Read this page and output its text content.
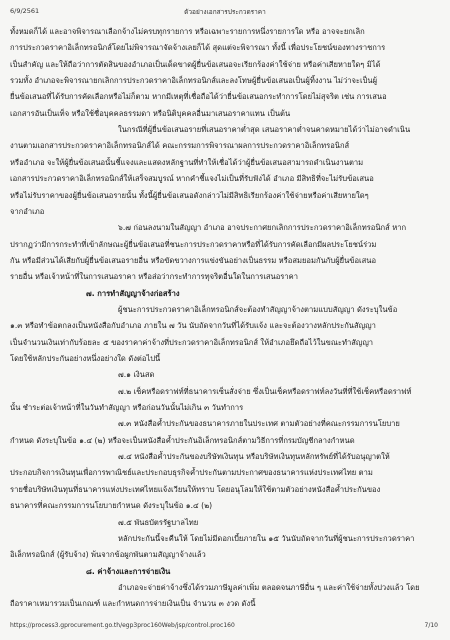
6/9/2561	ตัวอย่างเอกสารประกวดราคา
ทั้งหมดก็ได้ และอาจพิจารณาเลือกจ้างไม่ครบทุกรายการ หรือเฉพาะรายการหนึ่งรายการใด หรือ อาจจะยกเลิก
การประกวดราคาอิเล็กทรอนิกส์โดยไม่พิจารณาจัดจ้างเลยก็ได้ สุดแต่จะพิจารณา ทั้งนี้ เพื่อประโยชน์ของทางราชการ
เป็นสำคัญ และให้ถือว่าการตัดสินของอำเภอเป็นเด็ดขาดผู้ยื่นข้อเสนอจะเรียกร้องค่าใช้จ่าย หรือค่าเสียหายใดๆ มิได้
รวมทั้ง อำเภอจะพิจารณายกเลิกการประกวดราคาอิเล็กทรอนิกส์และลงโทษผู้ยื่นข้อเสนอเป็นผู้ทิ้งงาน ไม่ว่าจะเป็นผู้
ยื่นข้อเสนอที่ได้รับการคัดเลือกหรือไม่ก็ตาม หากมีเหตุที่เชื่อถือได้ว่ายื่นข้อเสนอกระทำการโดยไม่สุจริต เช่น การเสนอ
เอกสารอันเป็นเท็จ หรือใช้ชื่อบุคคลธรรมดา หรือนิติบุคคลอื่นมาเสนอราคาแทน เป็นต้น
ในกรณีที่ผู้ยื่นข้อเสนอรายที่เสนอราคาต่ำสุด เสนอราคาต่ำจนคาดหมายได้ว่าไม่อาจดำเนิน
งานตามเอกสารประกวดราคาอิเล็กทรอนิกส์ได้ คณะกรรมการพิจารณาผลการประกวดราคาอิเล็กทรอนิกส์
หรืออำเภอ จะให้ผู้ยื่นข้อเสนอนั้นชี้แจงและแสดงหลักฐานที่ทำให้เชื่อได้ว่าผู้ยื่นข้อเสนอสามารถดำเนินงานตาม
เอกสารประกวดราคาอิเล็กทรอนิกส์ให้เสร็จสมบูรณ์ หากคำชี้แจงไม่เป็นที่รับฟังได้ อำเภอ มีสิทธิที่จะไม่รับข้อเสนอ
หรือไม่รับราคาของผู้ยื่นข้อเสนอรายนั้น ทั้งนี้ผู้ยื่นข้อเสนอดังกล่าวไม่มีสิทธิเรียกร้องค่าใช้จ่ายหรือค่าเสียหายใดๆ
จากอำเภอ
๖.๗ ก่อนลงนามในสัญญา อำเภอ อาจประกาศยกเลิกการประกวดราคาอิเล็กทรอนิกส์ หาก
ปรากฏว่ามีการกระทำที่เข้าลักษณะผู้ยื่นข้อเสนอที่ชนะการประกวดราคาหรือที่ได้รับการคัดเลือกมีผลประโยชน์ร่วม
กัน หรือมีส่วนได้เสียกับผู้ยื่นข้อเสนอรายอื่น หรือขัดขวางการแข่งขันอย่างเป็นธรรม หรือสมยอมกันกับผู้ยื่นข้อเสนอ
รายอื่น หรือเจ้าหน้าที่ในการเสนอราคา หรือส่อว่ากระทำการทุจริตอื่นใดในการเสนอราคา
๗. การทำสัญญาจ้างก่อสร้าง
ผู้ชนะการประกวดราคาอิเล็กทรอนิกส์จะต้องทำสัญญาจ้างตามแบบสัญญา ดังระบุในข้อ
๑.๓ หรือทำข้อตกลงเป็นหนังสือกับอำเภอ ภายใน ๗ วัน นับถัดจากวันที่ได้รับแจ้ง และจะต้องวางหลักประกันสัญญา
เป็นจำนวนเงินเท่ากับร้อยละ ๕ ของราคาค่าจ้างที่ประกวดราคาอิเล็กทรอนิกส์ ให้อำเภอยึดถือไว้ในขณะทำสัญญา
โดยใช้หลักประกันอย่างหนึ่งอย่างใด ดังต่อไปนี้
๗.๑ เงินสด
๗.๒ เช็คหรือดราฟท์ที่ธนาคารเซ็นสั่งจ่าย ซึ่งเป็นเช็คหรือดราฟท์ลงวันที่ที่ใช้เช็คหรือดราฟท์
นั้น ชำระต่อเจ้าหน้าที่ในวันทำสัญญา หรือก่อนวันนั้นไม่เกิน ๓ วันทำการ
๗.๓ หนังสือค้ำประกันของธนาคารภายในประเทศ ตามตัวอย่างที่คณะกรรมการนโยบาย
กำหนด ดังระบุในข้อ ๑.๔ (๒) หรือจะเป็นหนังสือค้ำประกันอิเล็กทรอนิกส์ตามวิธีการที่กรมบัญชีกลางกำหนด
๗.๔ หนังสือค้ำประกันของบริษัทเงินทุน หรือบริษัทเงินทุนหลักทรัพย์ที่ได้รับอนุญาตให้
ประกอบกิจการเงินทุนเพื่อการพาณิชย์และประกอบธุรกิจค้ำประกันตามประกาศของธนาคารแห่งประเทศไทย ตาม
รายชื่อบริษัทเงินทุนที่ธนาคารแห่งประเทศไทยแจ้งเวียนให้ทราบ โดยอนุโลมให้ใช้ตามตัวอย่างหนังสือค้ำประกันของ
ธนาคารที่คณะกรรมการนโยบายกำหนด ดังระบุในข้อ ๑.๔ (๒)
๗.๕ พันธบัตรรัฐบาลไทย
หลักประกันนี้จะคืนให้ โดยไม่มีดอกเบี้ยภายใน ๑๕ วันนับถัดจากวันที่ผู้ชนะการประกวดราคา
อิเล็กทรอนิกส์ (ผู้รับจ้าง) พ้นจากข้อผูกพันตามสัญญาจ้างแล้ว
๘. ค่าจ้างและการจ่ายเงิน
อำเภอจะจ่ายค่าจ้างซึ่งได้รวมภาษีมูลค่าเพิ่ม ตลอดจนภาษีอื่น ๆ และค่าใช้จ่ายทั้งปวงแล้ว โดย
ถือราคาเหมารวมเป็นเกณฑ์ และกำหนดการจ่ายเงินเป็น จำนวน ๓ งวด ดังนี้
https://process3.gprocurement.go.th/egp3proc160Web/jsp/control.proc160	7/10
